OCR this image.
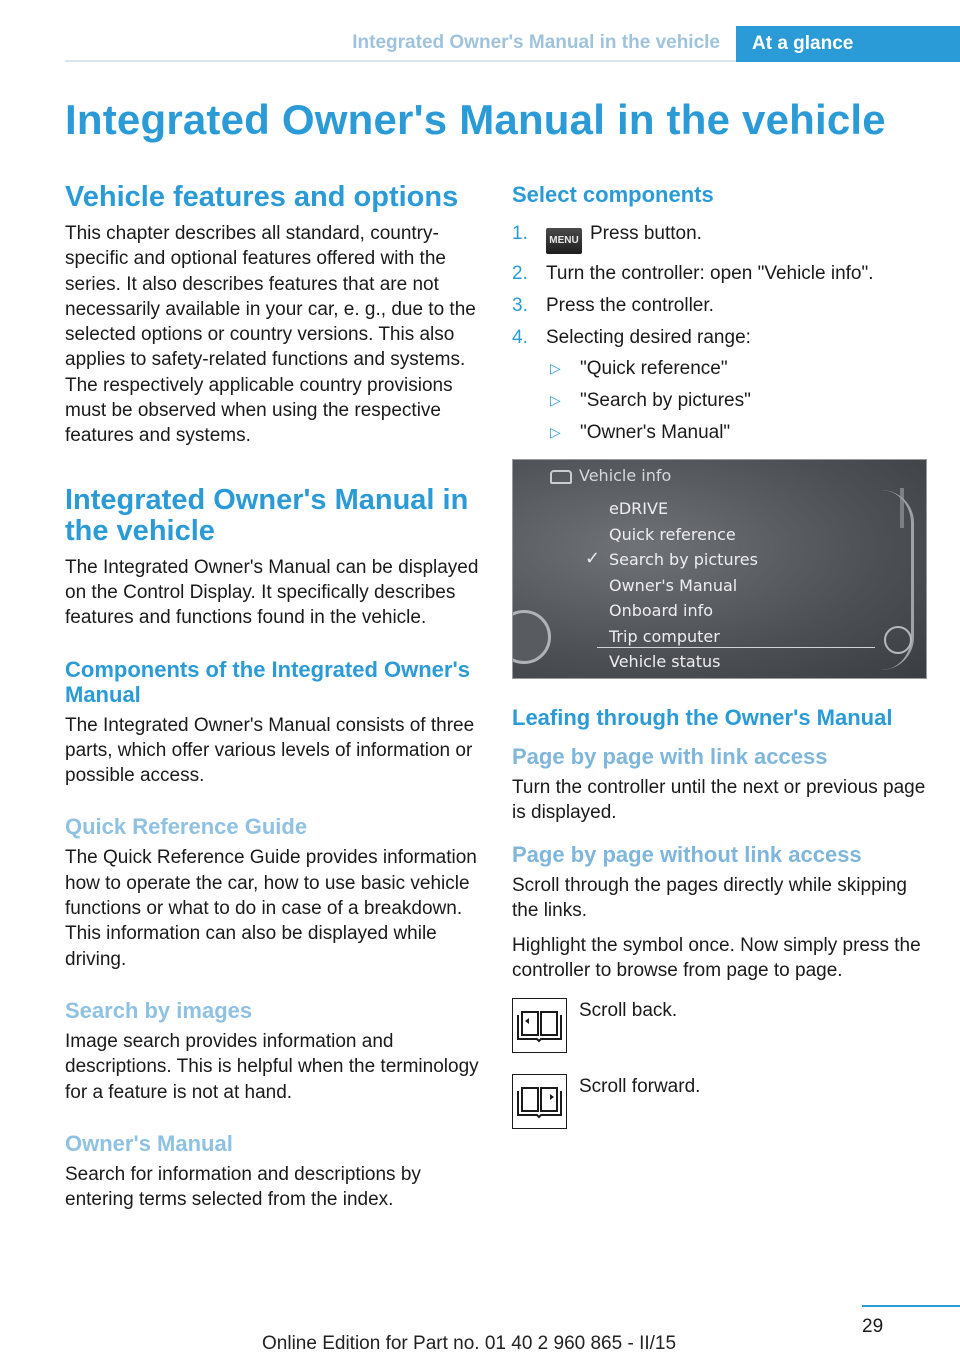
Integrated Owner's Manual in the vehicle	At a glance
Integrated Owner's Manual in the vehicle
Vehicle features and options

This chapter describes all standard, country-specific and optional features offered with the series. It also describes features that are not necessarily available in your car, e. g., due to the selected options or country versions. This also applies to safety-related functions and systems. The respectively applicable country provisions must be observed when using the respective features and systems.

Integrated Owner's Manual in the vehicle

The Integrated Owner's Manual can be displayed on the Control Display. It specifically describes features and functions found in the vehicle.

Components of the Integrated Owner's Manual

The Integrated Owner's Manual consists of three parts, which offer various levels of information or possible access.

Quick Reference Guide

The Quick Reference Guide provides information how to operate the car, how to use basic vehicle functions or what to do in case of a breakdown. This information can also be displayed while driving.

Search by images

Image search provides information and descriptions. This is helpful when the terminology for a feature is not at hand.

Owner's Manual

Search for information and descriptions by entering terms selected from the index.

Select components
1. MENU Press button.
2. Turn the controller: open "Vehicle info".
3. Press the controller.
4. Selecting desired range:
▷ "Quick reference"
▷ "Search by pictures"
▷ "Owner's Manual"
Vehicle info
✓
eDRIVE
Quick reference
Search by pictures
Owner's Manual
Onboard info
Trip computer
Vehicle status
Leafing through the Owner's Manual
Page by page with link access

Turn the controller until the next or previous page is displayed.

Page by page without link access

Scroll through the pages directly while skipping the links.

Highlight the symbol once. Now simply press the controller to browse from page to page.

Scroll back.
Scroll forward.
29
Online Edition for Part no. 01 40 2 960 865 - II/15
